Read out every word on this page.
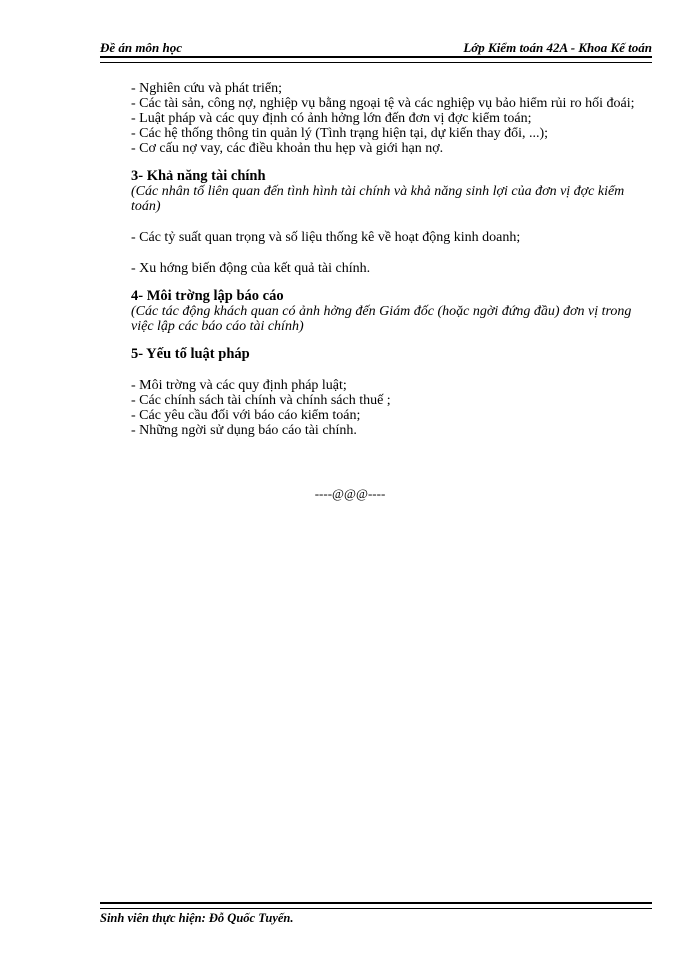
Đề án môn học	Lớp Kiểm toán 42A - Khoa Kế toán

- Nghiên cứu và phát triển;

- Các tài sản, công nợ, nghiệp vụ bằng ngoại tệ và các nghiệp vụ bảo hiểm rủi ro hối đoái;

- Luật pháp và các quy định có ảnh hởng lớn đến đơn vị đợc kiểm toán;

- Các hệ thống thông tin quản lý (Tình trạng hiện tại, dự kiến thay đổi, ...);

- Cơ cấu nợ vay, các điều khoản thu hẹp và giới hạn nợ.

3- Khả năng tài chính

(Các nhân tố liên quan đến tình hình tài chính và khả năng sinh lợi của đơn vị đợc kiểm toán)

- Các tỷ suất quan trọng và số liệu thống kê về hoạt động kinh doanh;

- Xu hớng biến động của kết quả tài chính.

4- Môi trờng lập báo cáo

(Các tác động khách quan có ảnh hởng đến Giám đốc (hoặc ngời đứng đầu) đơn vị trong việc lập các báo cáo tài chính)

5- Yếu tố luật pháp

- Môi trờng và các quy định pháp luật;

- Các chính sách tài chính và chính sách thuế ;

- Các yêu cầu đối với báo cáo kiểm toán;

- Những ngời sử dụng báo cáo tài chính.

----@@@----
Sinh viên thực hiện: Đỗ Quốc Tuyến.
